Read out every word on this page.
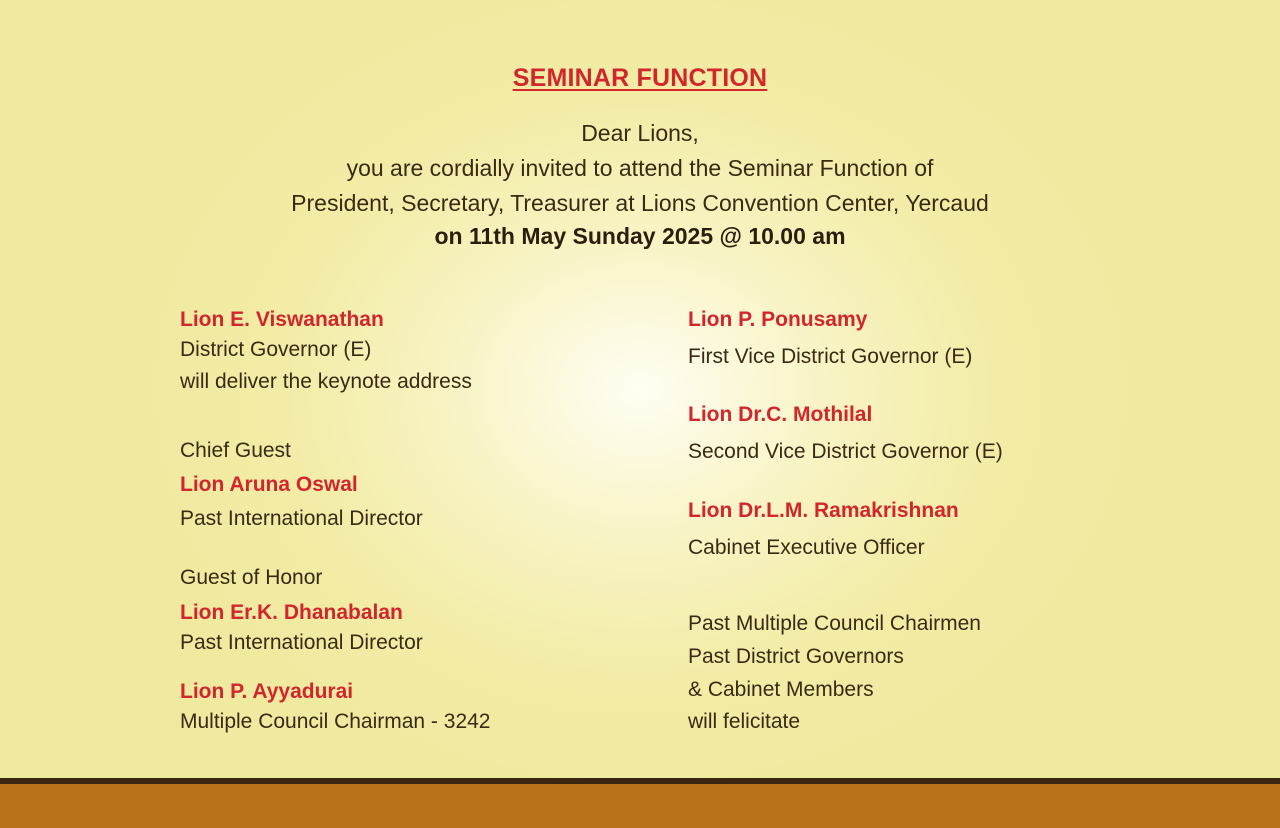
SEMINAR FUNCTION
Dear Lions,
you are cordially invited to attend the Seminar Function of
President, Secretary, Treasurer at Lions Convention Center, Yercaud
on 11th May Sunday 2025 @ 10.00 am
Lion E. Viswanathan
District Governor (E)
will deliver the keynote address
Chief Guest
Lion Aruna Oswal
Past International Director
Guest of Honor
Lion Er.K. Dhanabalan
Past International Director
Lion P. Ayyadurai
Multiple Council Chairman - 3242
Lion P. Ponusamy
First Vice District Governor (E)
Lion Dr.C. Mothilal
Second Vice District Governor (E)
Lion Dr.L.M. Ramakrishnan
Cabinet Executive Officer
Past Multiple Council Chairmen
Past District Governors
& Cabinet Members
will felicitate
